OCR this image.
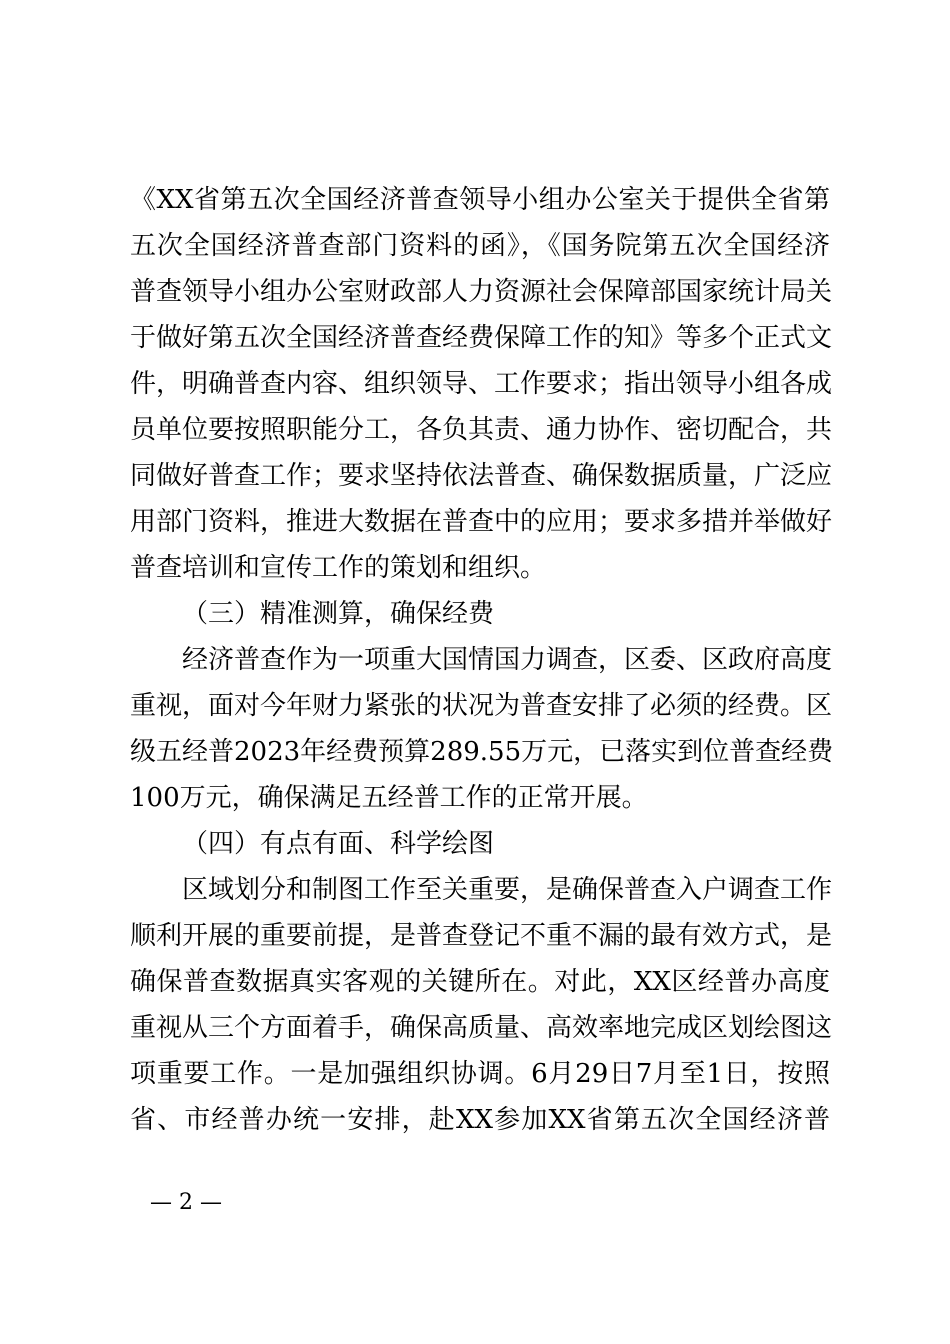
《XX省第五次全国经济普查领导小组办公室关于提供全省第
五次全国经济普查部门资料的函》，《国务院第五次全国经济
普查领导小组办公室财政部人力资源社会保障部国家统计局关
于做好第五次全国经济普查经费保障工作的知》等多个正式文
件，明确普查内容、组织领导、工作要求；指出领导小组各成
员单位要按照职能分工，各负其责、通力协作、密切配合，共
同做好普查工作；要求坚持依法普查、确保数据质量，广泛应
用部门资料，推进大数据在普查中的应用；要求多措并举做好
普查培训和宣传工作的策划和组织。
（三）精准测算，确保经费
经济普查作为一项重大国情国力调查，区委、区政府高度
重视，面对今年财力紧张的状况为普查安排了必须的经费。区
级五经普2023年经费预算289.55万元，已落实到位普查经费
100万元，确保满足五经普工作的正常开展。
（四）有点有面、科学绘图
区域划分和制图工作至关重要，是确保普查入户调查工作
顺利开展的重要前提，是普查登记不重不漏的最有效方式，是
确保普查数据真实客观的关键所在。对此，XX区经普办高度
重视从三个方面着手，确保高质量、高效率地完成区划绘图这
项重要工作。一是加强组织协调。6月29日7月至1日，按照
省、市经普办统一安排，赴XX参加XX省第五次全国经济普
— 2 —
